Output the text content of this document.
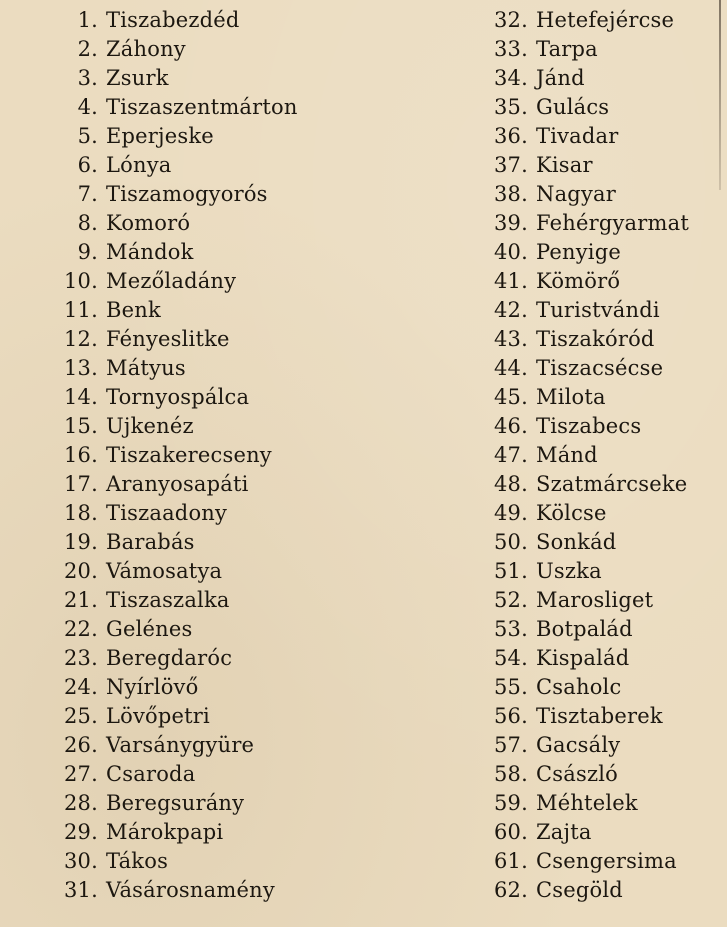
1. Tiszabezdéd
2. Záhony
3. Zsurk
4. Tiszaszentmárton
5. Eperjeske
6. Lónya
7. Tiszamogyorós
8. Komoró
9. Mándok
10. Mezőladány
11. Benk
12. Fényeslitke
13. Mátyus
14. Tornyospálca
15. Ujkenéz
16. Tiszakerecseny
17. Aranyosapáti
18. Tiszaadony
19. Barabás
20. Vámosatya
21. Tiszaszalka
22. Gelénes
23. Beregdaróc
24. Nyírlövő
25. Lövőpetri
26. Varsánygyüre
27. Csaroda
28. Beregsurány
29. Márokpapi
30. Tákos
31. Vásárosnamény
32. Hetefejércse
33. Tarpa
34. Jánd
35. Gulács
36. Tivadar
37. Kisar
38. Nagyar
39. Fehérgyarmat
40. Penyige
41. Kömörő
42. Turistvándi
43. Tiszakóród
44. Tiszacsécse
45. Milota
46. Tiszabecs
47. Mánd
48. Szatmárcseke
49. Kölcse
50. Sonkád
51. Uszka
52. Marosliget
53. Botpalád
54. Kispalád
55. Csaholc
56. Tisztaberek
57. Gacsály
58. Császló
59. Méhtelek
60. Zajta
61. Csengersima
62. Csegöld
